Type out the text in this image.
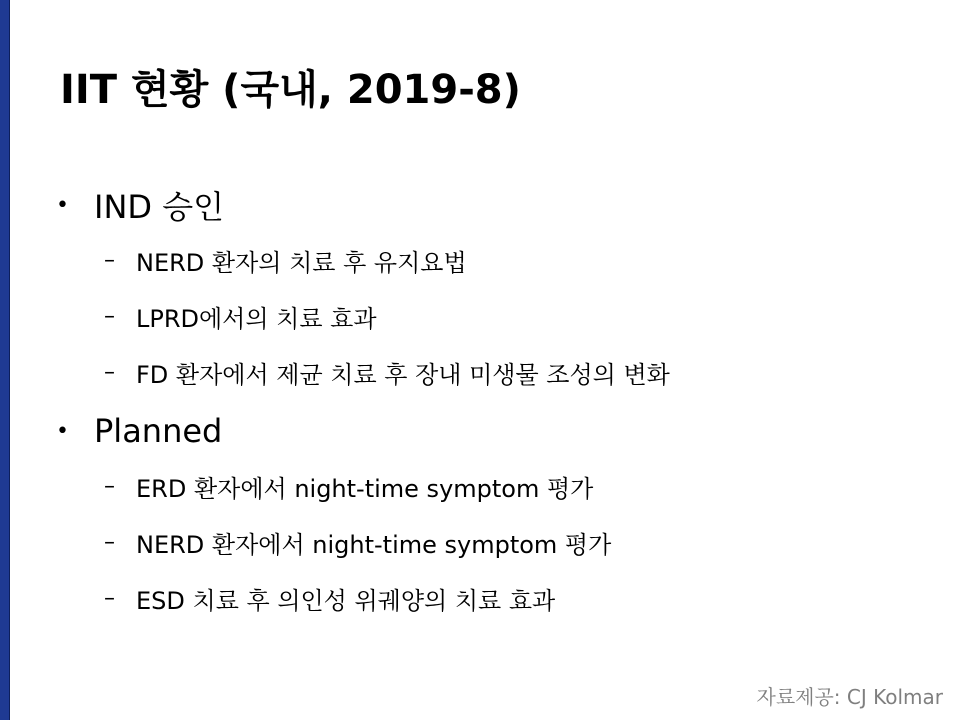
IIT 현황 (국내, 2019-8)
• IND 승인
– NERD 환자의 치료 후 유지요법
– LPRD에서의 치료 효과
– FD 환자에서 제균 치료 후 장내 미생물 조성의 변화
• Planned
– ERD 환자에서 night-time symptom 평가
– NERD 환자에서 night-time symptom 평가
– ESD 치료 후 의인성 위궤양의 치료 효과
자료제공: CJ Kolmar
